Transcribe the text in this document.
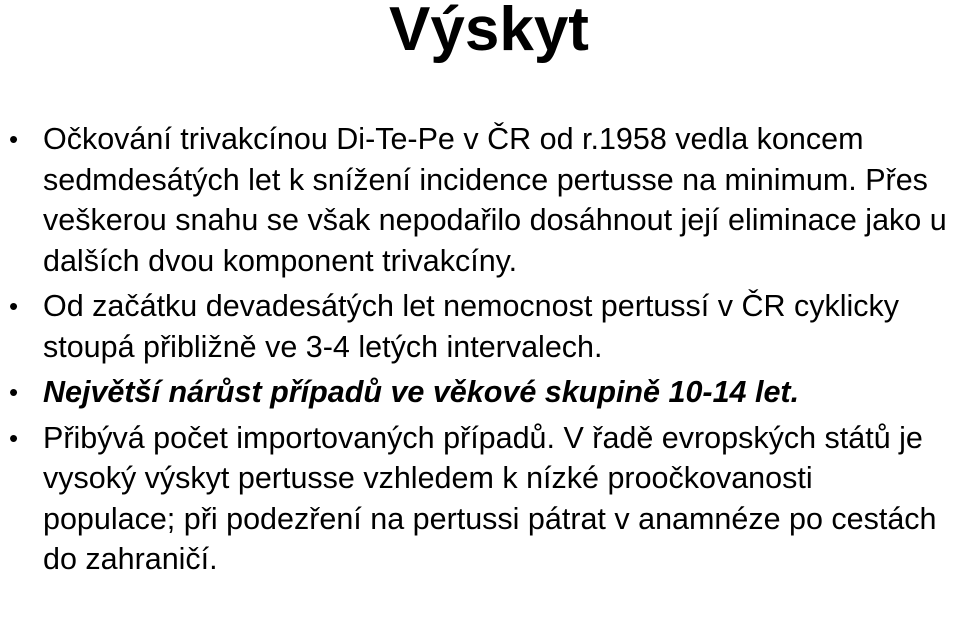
Výskyt
• Očkování trivakcínou Di-Te-Pe v ČR od r.1958 vedla koncem sedmdesátých let k snížení incidence pertusse na minimum. Přes veškerou snahu se však nepodařilo dosáhnout její eliminace jako u dalších dvou komponent trivakcíny.
• Od začátku devadesátých let nemocnost pertussí v ČR cyklicky stoupá přibližně ve 3-4 letých intervalech.
• Největší nárůst případů ve věkové skupině 10-14 let.
• Přibývá počet importovaných případů. V řadě evropských států je vysoký výskyt pertusse vzhledem k nízké proočkovanosti populace; při podezření na pertussi pátrat v anamnéze po cestách do zahraničí.
